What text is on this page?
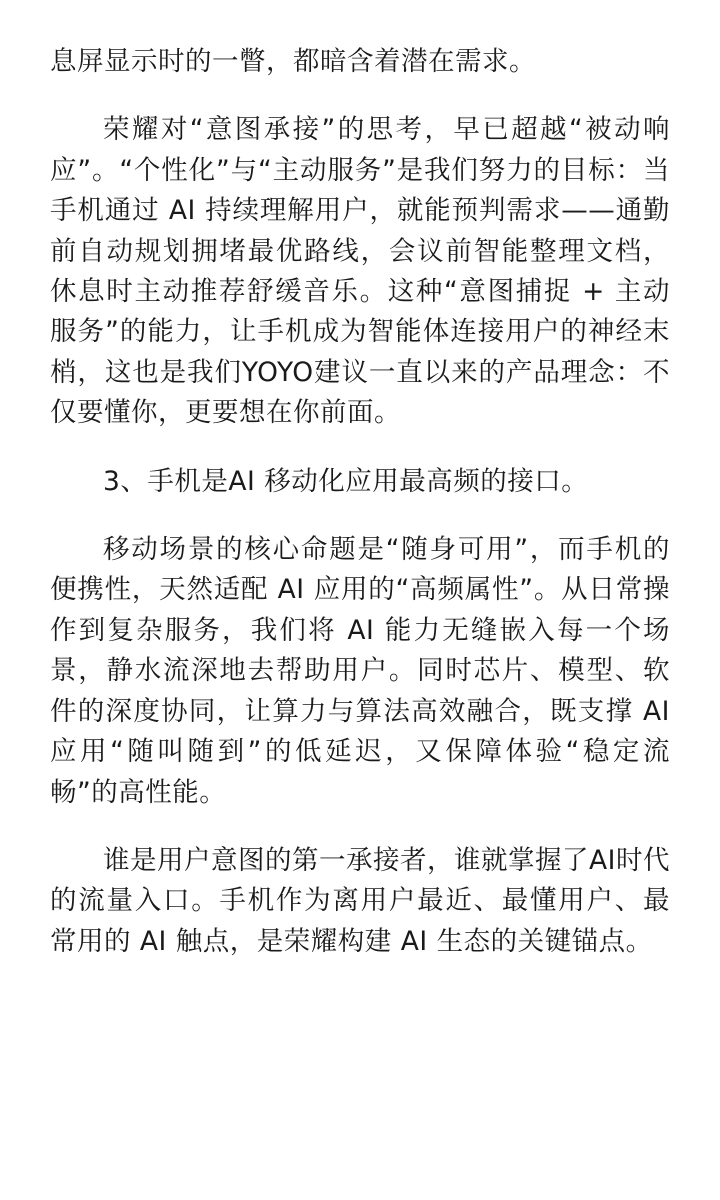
息屏显示时的一瞥，都暗含着潜在需求。

荣耀对“意图承接”的思考，早已超越“被动响应”。“个性化”与“主动服务”是我们努力的目标：当手机通过 AI 持续理解用户，就能预判需求——通勤前自动规划拥堵最优路线，会议前智能整理文档，休息时主动推荐舒缓音乐。这种“意图捕捉 + 主动服务”的能力，让手机成为智能体连接用户的神经末梢，这也是我们YOYO建议一直以来的产品理念：不仅要懂你，更要想在你前面。

3、手机是AI 移动化应用最高频的接口。

移动场景的核心命题是“随身可用”，而手机的便携性，天然适配 AI 应用的“高频属性”。从日常操作到复杂服务，我们将 AI 能力无缝嵌入每一个场景，静水流深地去帮助用户。同时芯片、模型、软件的深度协同，让算力与算法高效融合，既支撑 AI 应用“随叫随到”的低延迟，又保障体验“稳定流畅”的高性能。

谁是用户意图的第一承接者，谁就掌握了AI时代的流量入口。手机作为离用户最近、最懂用户、最常用的 AI 触点，是荣耀构建 AI 生态的关键锚点。
